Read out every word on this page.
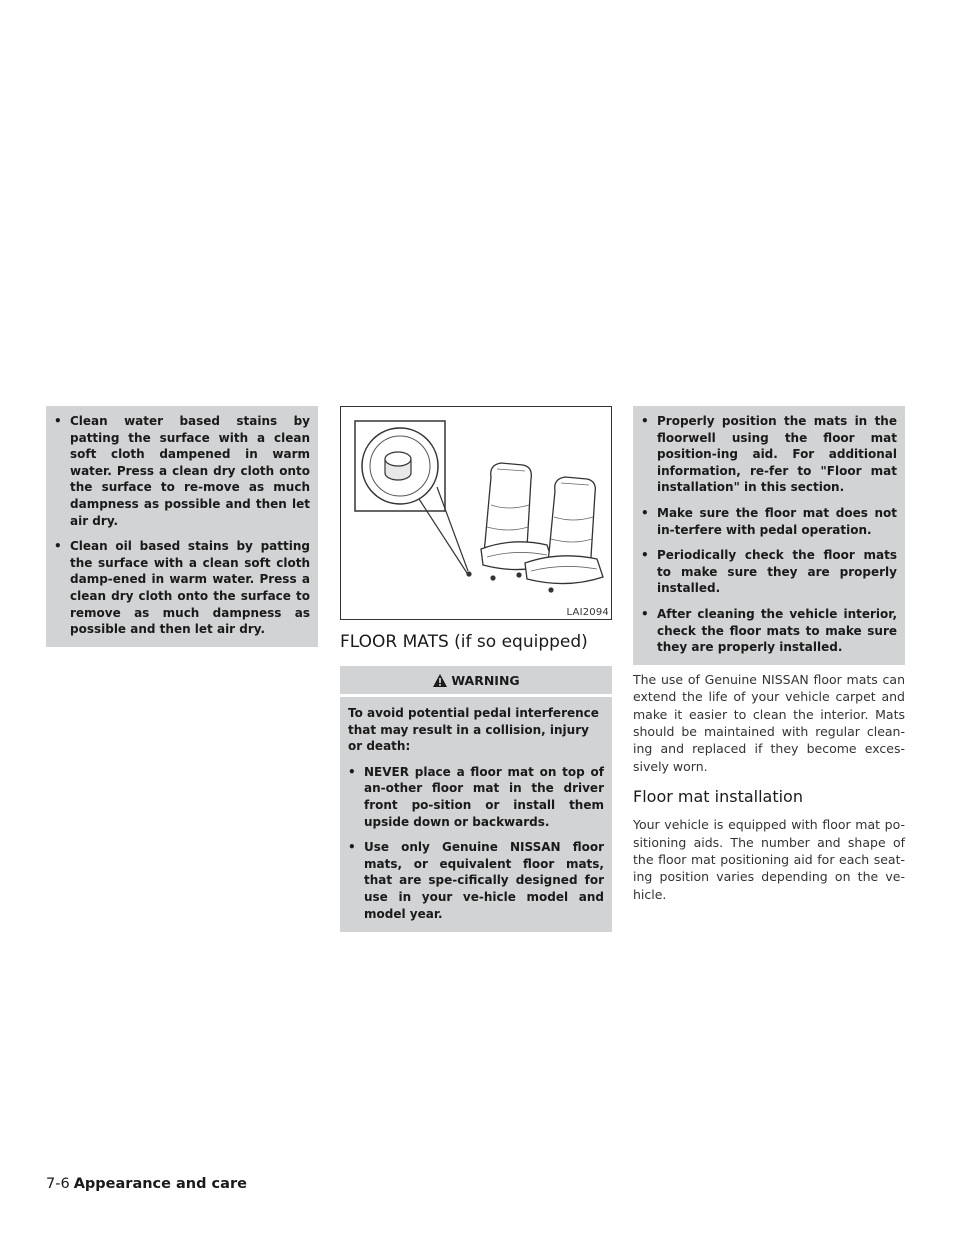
• Clean water based stains by patting the surface with a clean soft cloth dampened in warm water. Press a clean dry cloth onto the surface to re-move as much dampness as possible and then let air dry.

• Clean oil based stains by patting the surface with a clean soft cloth damp-ened in warm water. Press a clean dry cloth onto the surface to remove as much dampness as possible and then let air dry.

LAI2094
FLOOR MATS (if so equipped)
WARNING

To avoid potential pedal interference that may result in a collision, injury or death:

• NEVER place a floor mat on top of an-other floor mat in the driver front po-sition or install them upside down or backwards.

• Use only Genuine NISSAN floor mats, or equivalent floor mats, that are spe-cifically designed for use in your ve-hicle model and model year.

• Properly position the mats in the floorwell using the floor mat position-ing aid. For additional information, re-fer to "Floor mat installation" in this section.

• Make sure the floor mat does not in-terfere with pedal operation.

• Periodically check the floor mats to make sure they are properly installed.

• After cleaning the vehicle interior, check the floor mats to make sure they are properly installed.

The use of Genuine NISSAN floor mats can extend the life of your vehicle carpet and make it easier to clean the interior. Mats should be maintained with regular clean-ing and replaced if they become exces-sively worn.

Floor mat installation

Your vehicle is equipped with floor mat po-sitioning aids. The number and shape of the floor mat positioning aid for each seat-ing position varies depending on the ve-hicle.

7-6 Appearance and care
